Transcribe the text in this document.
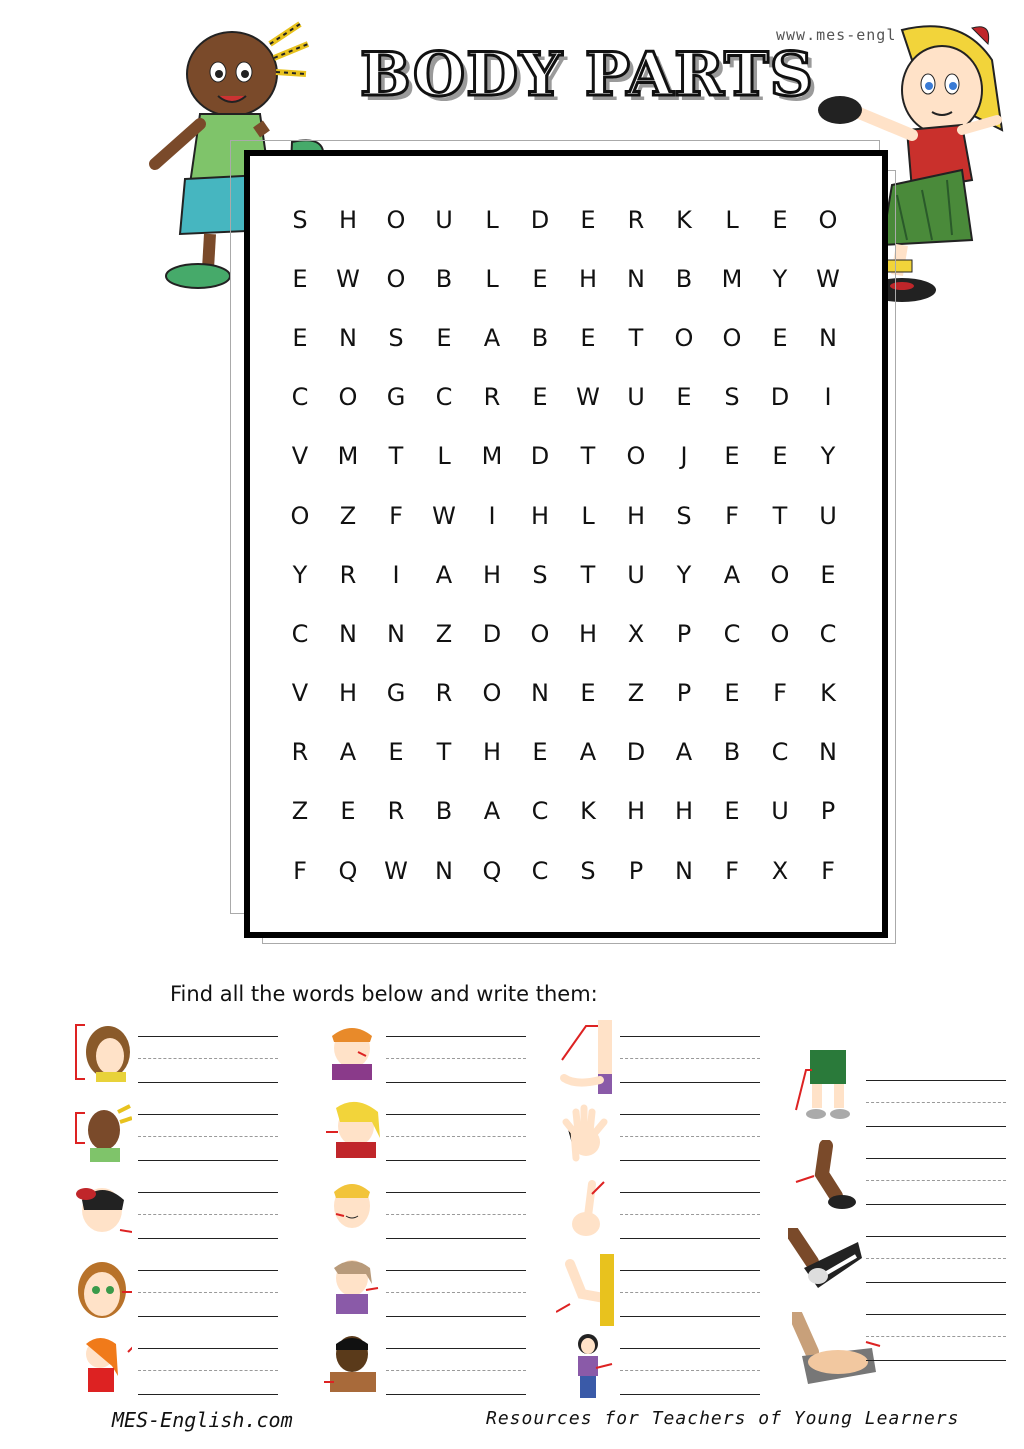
www.mes-engl
BODY PARTS
S	H	O	U	L	D	E	R	K	L	E	O
E	W	O	B	L	E	H	N	B	M	Y	W
E	N	S	E	A	B	E	T	O	O	E	N
C	O	G	C	R	E	W	U	E	S	D	I
V	M	T	L	M	D	T	O	J	E	E	Y
O	Z	F	W	I	H	L	H	S	F	T	U
Y	R	I	A	H	S	T	U	Y	A	O	E
C	N	N	Z	D	O	H	X	P	C	O	C
V	H	G	R	O	N	E	Z	P	E	F	K
R	A	E	T	H	E	A	D	A	B	C	N
Z	E	R	B	A	C	K	H	H	E	U	P
F	Q	W	N	Q	C	S	P	N	F	X	F
Find all the words below and write them:
MES-English.com	Resources for Teachers of Young Learners
